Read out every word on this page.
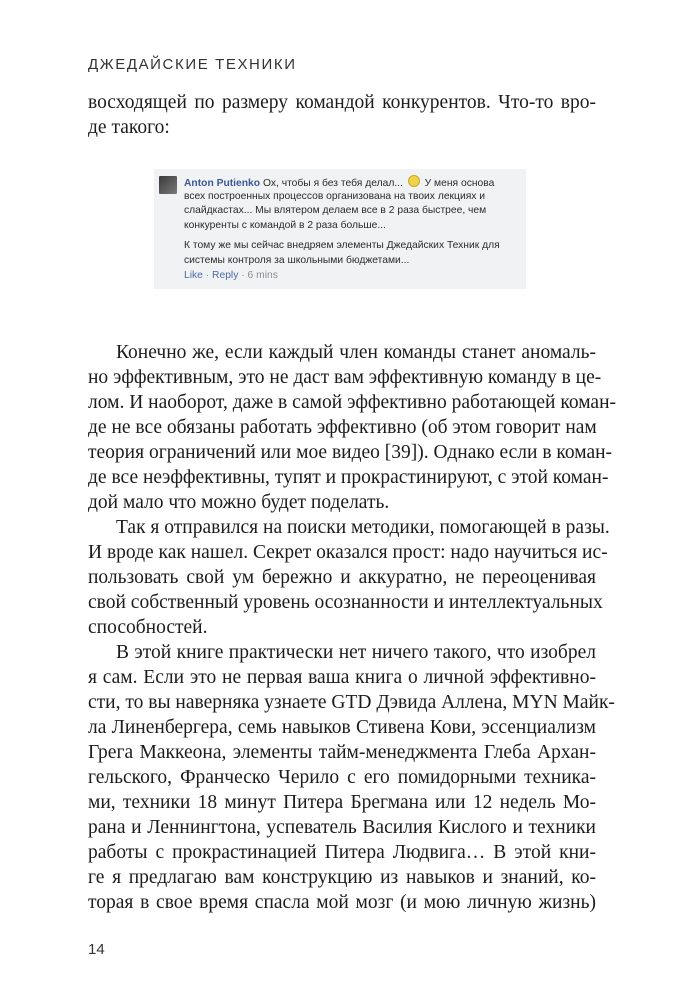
ДЖЕДАЙСКИЕ ТЕХНИКИ

восходящей по размеру командой конкурентов. Что-то вро-

де такого:

Anton Putienko Ох, чтобы я без тебя делал... У меня основа
всех построенных процессов организована на твоих лекциях и
слайдкастах... Мы влятером делаем все в 2 раза быстрее, чем
конкуренты с командой в 2 раза больше...
К тому же мы сейчас внедряем элементы Джедайских Техник для
системы контроля за школьными бюджетами...
Like · Reply · 6 mins

Конечно же, если каждый член команды станет аномаль-

но эффективным, это не даст вам эффективную команду в це-

лом. И наоборот, даже в самой эффективно работающей коман-

де не все обязаны работать эффективно (об этом говорит нам

теория ограничений или мое видео [39]). Однако если в коман-

де все неэффективны, тупят и прокрастинируют, с этой коман-

дой мало что можно будет поделать.

Так я отправился на поиски методики, помогающей в разы.

И вроде как нашел. Секрет оказался прост: надо научиться ис-

пользовать свой ум бережно и аккуратно, не переоценивая

свой собственный уровень осознанности и интеллектуальных

способностей.

В этой книге практически нет ничего такого, что изобрел

я сам. Если это не первая ваша книга о личной эффективно-

сти, то вы наверняка узнаете GTD Дэвида Аллена, MYN Майк-

ла Линенбергера, семь навыков Стивена Кови, эссенциализм

Грега Маккеона, элементы тайм-менеджмента Глеба Архан-

гельского, Франческо Черило с его помидорными техника-

ми, техники 18 минут Питера Брегмана или 12 недель Мо-

рана и Леннингтона, успеватель Василия Кислого и техники

работы с прокрастинацией Питера Людвига… В этой кни-

ге я предлагаю вам конструкцию из навыков и знаний, ко-

торая в свое время спасла мой мозг (и мою личную жизнь)

14
